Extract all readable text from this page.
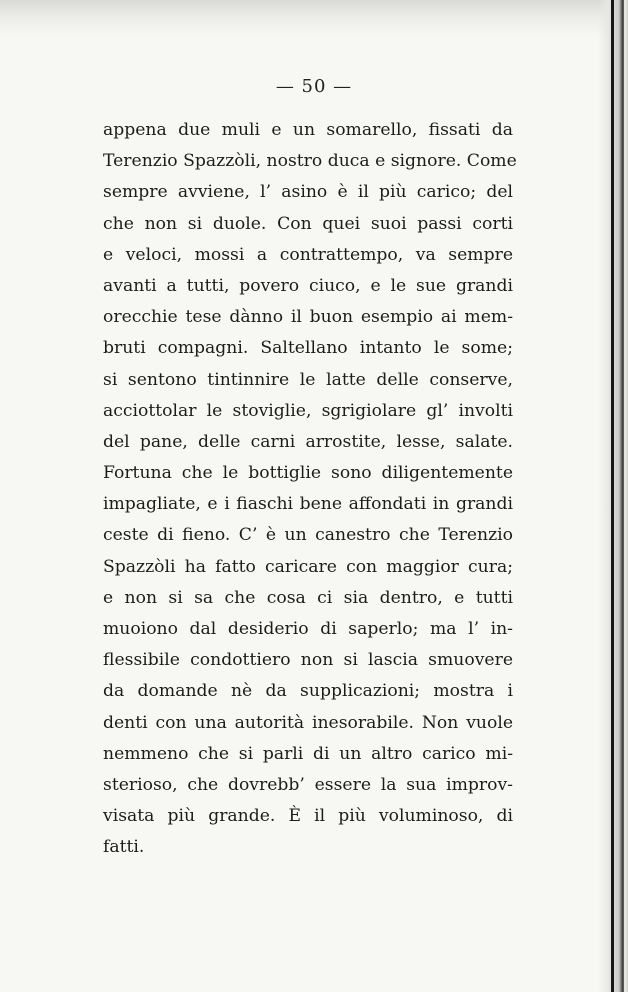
— 50 —
appena due muli e un somarello, fissati da
Terenzio Spazzòli, nostro duca e signore. Come
sempre avviene, l’ asino è il più carico; del
che non si duole. Con quei suoi passi corti
e veloci, mossi a contrattempo, va sempre
avanti a tutti, povero ciuco, e le sue grandi
orecchie tese dànno il buon esempio ai mem-
bruti compagni. Saltellano intanto le some;
si sentono tintinnire le latte delle conserve,
acciottolar le stoviglie, sgrigiolare gl’ involti
del pane, delle carni arrostite, lesse, salate.
Fortuna che le bottiglie sono diligentemente
impagliate, e i fiaschi bene affondati in grandi
ceste di fieno. C’ è un canestro che Terenzio
Spazzòli ha fatto caricare con maggior cura;
e non si sa che cosa ci sia dentro, e tutti
muoiono dal desiderio di saperlo; ma l’ in-
flessibile condottiero non si lascia smuovere
da domande nè da supplicazioni; mostra i
denti con una autorità inesorabile. Non vuole
nemmeno che si parli di un altro carico mi-
sterioso, che dovrebb’ essere la sua improv-
visata più grande. È il più voluminoso, di
fatti.
